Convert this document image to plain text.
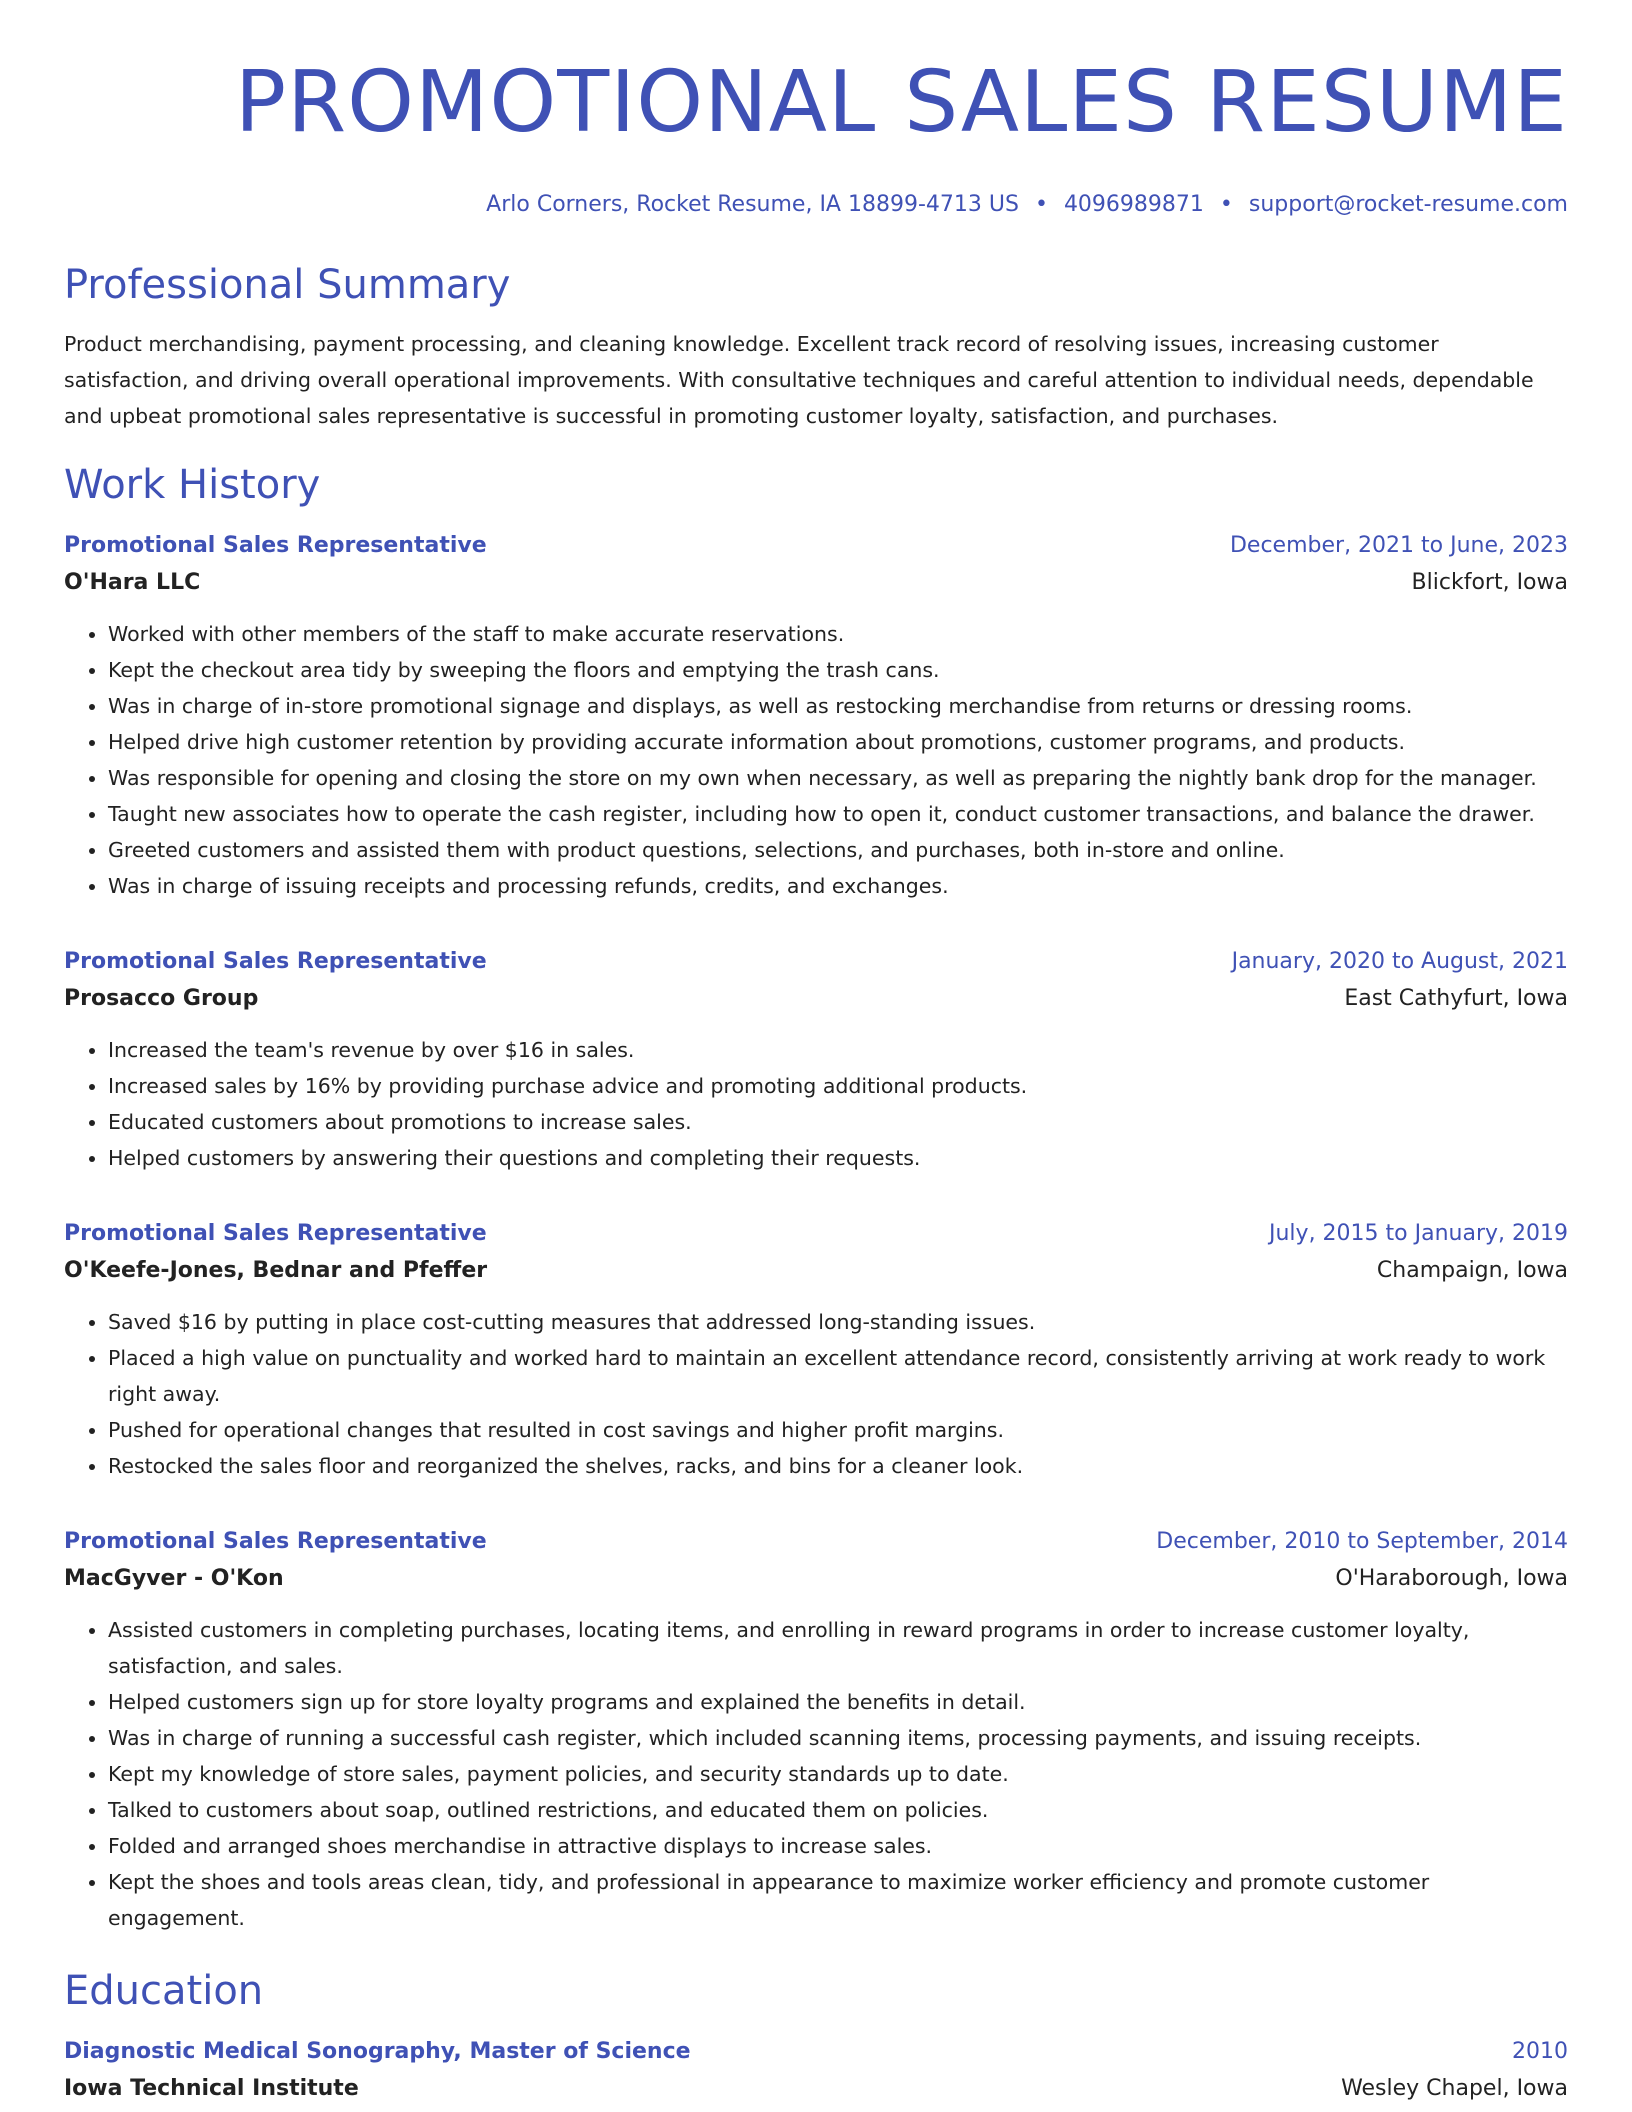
PROMOTIONAL SALES RESUME
Arlo Corners, Rocket Resume, IA 18899-4713 US • 4096989871 • support@rocket-resume.com
Professional Summary

Product merchandising, payment processing, and cleaning knowledge. Excellent track record of resolving issues, increasing customer satisfaction, and driving overall operational improvements. With consultative techniques and careful attention to individual needs, dependable and upbeat promotional sales representative is successful in promoting customer loyalty, satisfaction, and purchases.

Work History
Promotional Sales Representative	December, 2021 to June, 2023
O'Hara LLC	Blickfort, Iowa
• Worked with other members of the staff to make accurate reservations.
• Kept the checkout area tidy by sweeping the floors and emptying the trash cans.
• Was in charge of in-store promotional signage and displays, as well as restocking merchandise from returns or dressing rooms.
• Helped drive high customer retention by providing accurate information about promotions, customer programs, and products.
• Was responsible for opening and closing the store on my own when necessary, as well as preparing the nightly bank drop for the manager.
• Taught new associates how to operate the cash register, including how to open it, conduct customer transactions, and balance the drawer.
• Greeted customers and assisted them with product questions, selections, and purchases, both in-store and online.
• Was in charge of issuing receipts and processing refunds, credits, and exchanges.
Promotional Sales Representative	January, 2020 to August, 2021
Prosacco Group	East Cathyfurt, Iowa
• Increased the team's revenue by over $16 in sales.
• Increased sales by 16% by providing purchase advice and promoting additional products.
• Educated customers about promotions to increase sales.
• Helped customers by answering their questions and completing their requests.
Promotional Sales Representative	July, 2015 to January, 2019
O'Keefe-Jones, Bednar and Pfeffer	Champaign, Iowa
• Saved $16 by putting in place cost-cutting measures that addressed long-standing issues.
• Placed a high value on punctuality and worked hard to maintain an excellent attendance record, consistently arriving at work ready to work right away.
• Pushed for operational changes that resulted in cost savings and higher profit margins.
• Restocked the sales floor and reorganized the shelves, racks, and bins for a cleaner look.
Promotional Sales Representative	December, 2010 to September, 2014
MacGyver - O'Kon	O'Haraborough, Iowa
• Assisted customers in completing purchases, locating items, and enrolling in reward programs in order to increase customer loyalty, satisfaction, and sales.
• Helped customers sign up for store loyalty programs and explained the benefits in detail.
• Was in charge of running a successful cash register, which included scanning items, processing payments, and issuing receipts.
• Kept my knowledge of store sales, payment policies, and security standards up to date.
• Talked to customers about soap, outlined restrictions, and educated them on policies.
• Folded and arranged shoes merchandise in attractive displays to increase sales.
• Kept the shoes and tools areas clean, tidy, and professional in appearance to maximize worker efficiency and promote customer engagement.
Education
Diagnostic Medical Sonography, Master of Science	2010
Iowa Technical Institute	Wesley Chapel, Iowa
